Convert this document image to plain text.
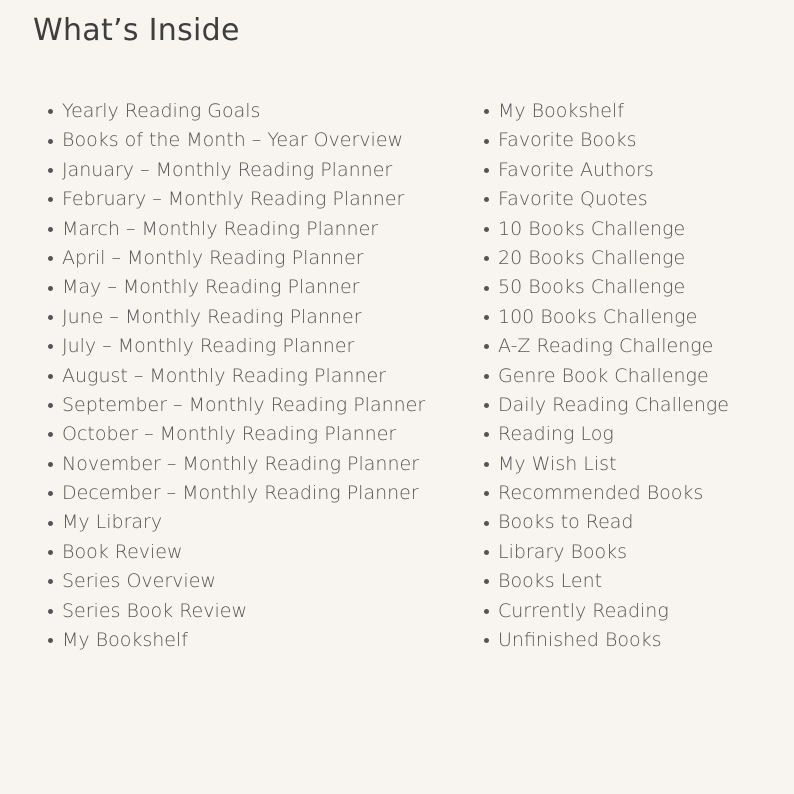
What’s Inside
Yearly Reading Goals
Books of the Month – Year Overview
January – Monthly Reading Planner
February – Monthly Reading Planner
March – Monthly Reading Planner
April – Monthly Reading Planner
May – Monthly Reading Planner
June – Monthly Reading Planner
July – Monthly Reading Planner
August – Monthly Reading Planner
September – Monthly Reading Planner
October – Monthly Reading Planner
November – Monthly Reading Planner
December – Monthly Reading Planner
My Library
Book Review
Series Overview
Series Book Review
My Bookshelf
My Bookshelf
Favorite Books
Favorite Authors
Favorite Quotes
10 Books Challenge
20 Books Challenge
50 Books Challenge
100 Books Challenge
A-Z Reading Challenge
Genre Book Challenge
Daily Reading Challenge
Reading Log
My Wish List
Recommended Books
Books to Read
Library Books
Books Lent
Currently Reading
Unfinished Books
